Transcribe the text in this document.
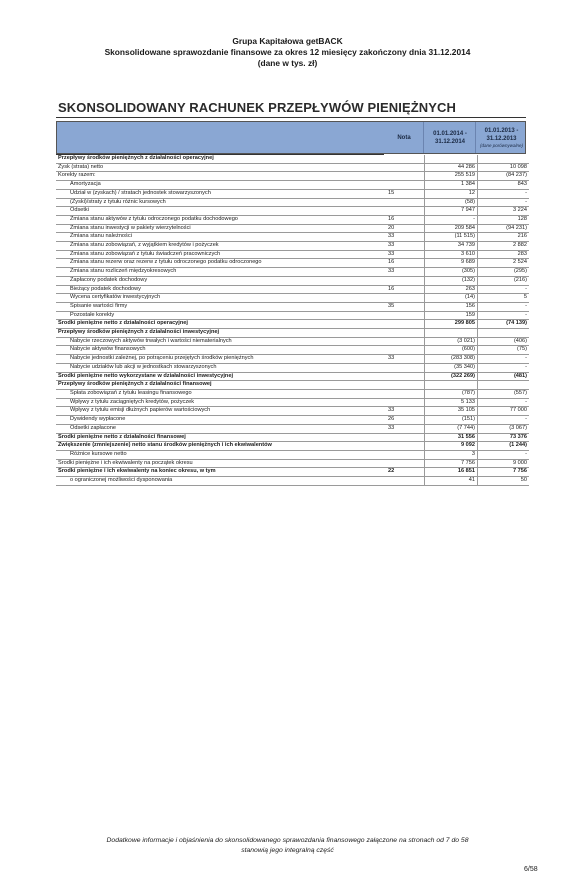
Grupa Kapitałowa getBACK
Skonsolidowane sprawozdanie finansowe za okres 12 miesięcy zakończony dnia 31.12.2014
(dane w tys. zł)
SKONSOLIDOWANY RACHUNEK PRZEPŁYWÓW PIENIĘŻNYCH
Nota
01.01.2014 -
31.12.2014
01.01.2013 -
31.12.2013
(dane porównywalne)
Przepływy środków pieniężnych z działalności operacyjnej			
Zysk (strata) netto		44 286	10 098
Korekty razem:		255 519	(84 237)
Amortyzacja		1 384	843
Udział w (zyskach) / stratach jednostek stowarzyszonych	15	12	-
(Zyski)/straty z tytułu różnic kursowych		(58)	-
Odsetki		7 947	3 224
Zmiana stanu aktywów z tytułu odroczonego podatku dochodowego	16	-	128
Zmiana stanu inwestycji w pakiety wierzytelności	20	209 584	(94 231)
Zmiana stanu należności	33	(11 515)	216
Zmiana stanu zobowiązań, z wyjątkiem kredytów i pożyczek	33	34 739	2 882
Zmiana stanu zobowiązań z tytułu świadczeń pracowniczych	33	3 610	283
Zmiana stanu rezerw oraz rezerw z tytułu odroczonego podatku odroczonego	16	9 689	2 524
Zmiana stanu rozliczeń międzyokresowych	33	(305)	(295)
Zapłacony podatek dochodowy		(132)	(216)
Bieżący podatek dochodowy	16	263	-
Wycena certyfikatów inwestycyjnych		(14)	5
Spisanie wartości firmy	35	156	-
Pozostałe korekty		159	-
Środki pieniężne netto z działalności operacyjnej		299 805	(74 139)
Przepływy środków pieniężnych z działalności inwestycyjnej			
Nabycie rzeczowych aktywów trwałych i wartości niematerialnych		(3 021)	(406)
Nabycie aktywów finansowych		(600)	(75)
Nabycie jednostki zależnej, po potrąceniu przejętych środków pieniężnych	33	(283 308)	-
Nabycie udziałów lub akcji w jednostkach stowarzyszonych		(35 340)	-
Środki pieniężne netto wykorzystane w działalności inwestycyjnej		(322 269)	(481)
Przepływy środków pieniężnych z działalności finansowej			
Spłata zobowiązań z tytułu leasingu finansowego		(787)	(557)
Wpływy z tytułu zaciągniętych kredytów, pożyczek		5 133	-
Wpływy z tytułu emisji dłużnych papierów wartościowych	33	35 105	77 000
Dywidendy wypłacone	26	(151)	-
Odsetki zapłacone	33	(7 744)	(3 067)
Środki pieniężne netto z działalności finansowej		31 556	73 376
Zwiększenie (zmniejszenie) netto stanu środków pieniężnych i ich ekwiwalentów		9 092	(1 244)
Różnice kursowe netto		3	-
Środki pieniężne i ich ekwiwalenty na początek okresu		7 756	9 000
Środki pieniężne i ich ekwiwalenty na koniec okresu, w tym	22	16 851	7 756
o ograniczonej możliwości dysponowania		41	50
Dodatkowe informacje i objaśnienia do skonsolidowanego sprawozdania finansowego załączone na stronach od 7 do 58
stanowią jego integralną część
6/58
